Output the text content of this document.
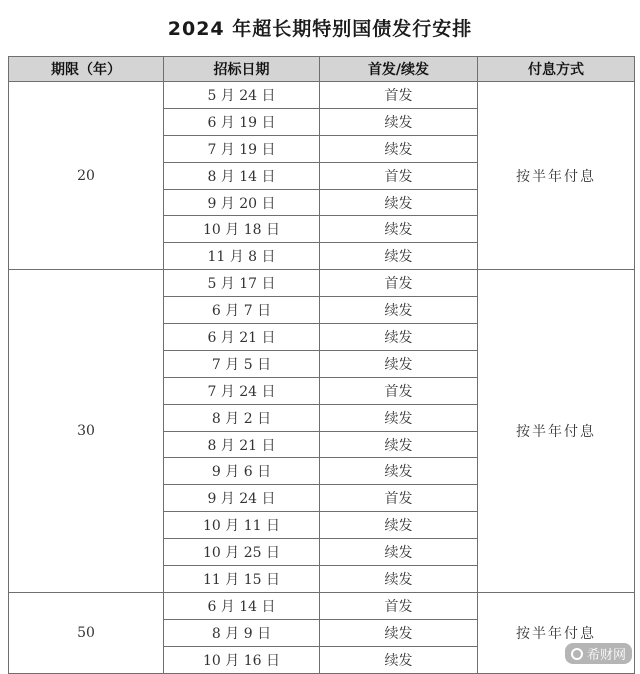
2024 年超长期特别国债发行安排
期限（年）	招标日期	首发/续发	付息方式
20	5 月 24 日	首发	按半年付息
	6 月 19 日	续发	
	7 月 19 日	续发	
	8 月 14 日	首发	
	9 月 20 日	续发	
	10 月 18 日	续发	
	11 月 8 日	续发	
30	5 月 17 日	首发	按半年付息
	6 月 7 日	续发	
	6 月 21 日	续发	
	7 月 5 日	续发	
	7 月 24 日	首发	
	8 月 2 日	续发	
	8 月 21 日	续发	
	9 月 6 日	续发	
	9 月 24 日	首发	
	10 月 11 日	续发	
	10 月 25 日	续发	
	11 月 15 日	续发	
50	6 月 14 日	首发	按半年付息
	8 月 9 日	续发	
	10 月 16 日	续发		希财网
